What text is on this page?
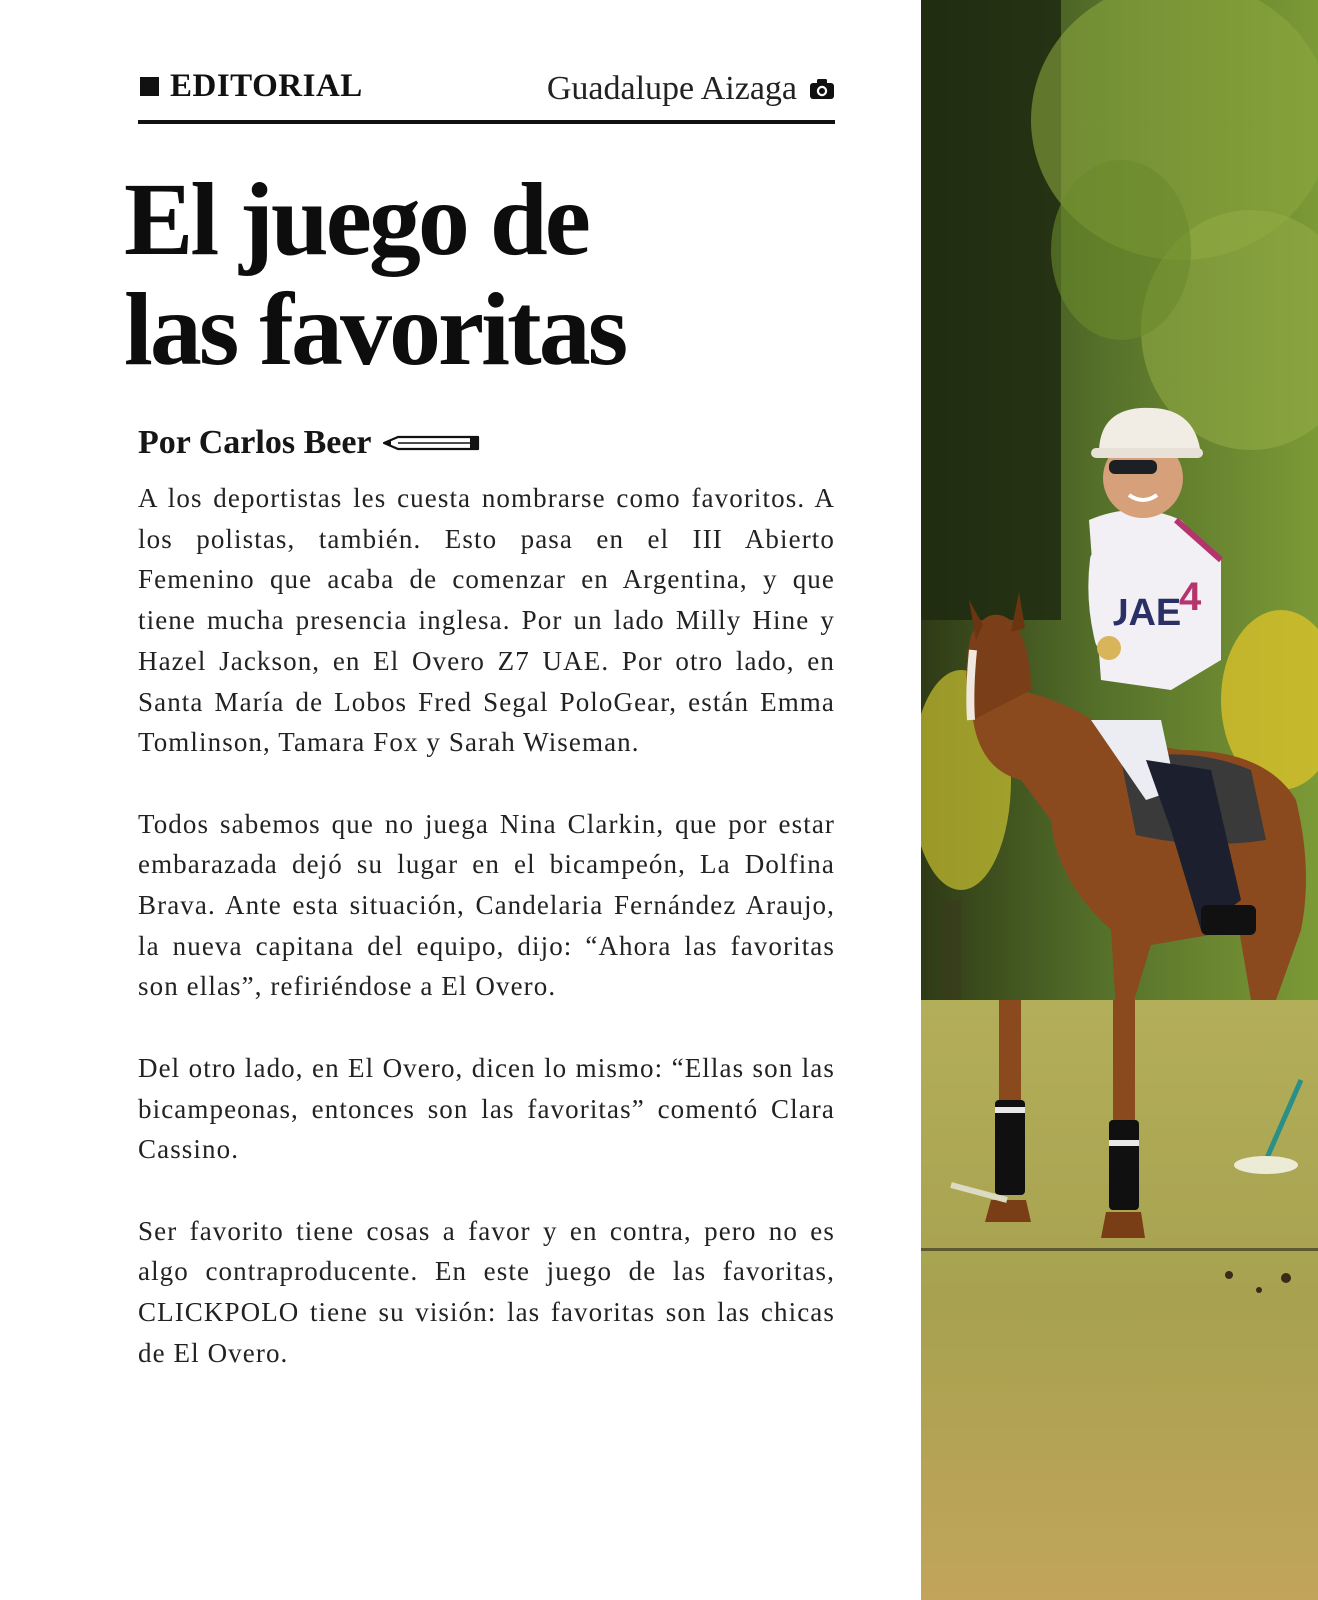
EDITORIAL	Guadalupe Aizaga
El juego de
las favoritas
Por Carlos Beer

A los deportistas les cuesta nombrarse como favoritos. A los polistas, también. Esto pasa en el III Abierto Femenino que acaba de comenzar en Argentina, y que tiene mucha presencia inglesa. Por un lado Milly Hine y Hazel Jackson, en El Overo Z7 UAE. Por otro lado, en Santa María de Lobos Fred Segal PoloGear, están Emma Tomlinson, Tamara Fox y Sarah Wiseman.

Todos sabemos que no juega Nina Clarkin, que por estar embarazada dejó su lugar en el bicampeón, La Dolfina Brava. Ante esta situación, Candelaria Fernández Araujo, la nueva capitana del equipo, dijo: “Ahora las favoritas son ellas”, refiriéndose a El Overo.

Del otro lado, en El Overo, dicen lo mismo: “Ellas son las bicampeonas, entonces son las favoritas” comentó Clara Cassino.

Ser favorito tiene cosas a favor y en contra, pero no es algo contraproducente. En este juego de las favoritas, CLICKPOLO tiene su visión: las favoritas son las chicas de El Overo.

UAE
4
